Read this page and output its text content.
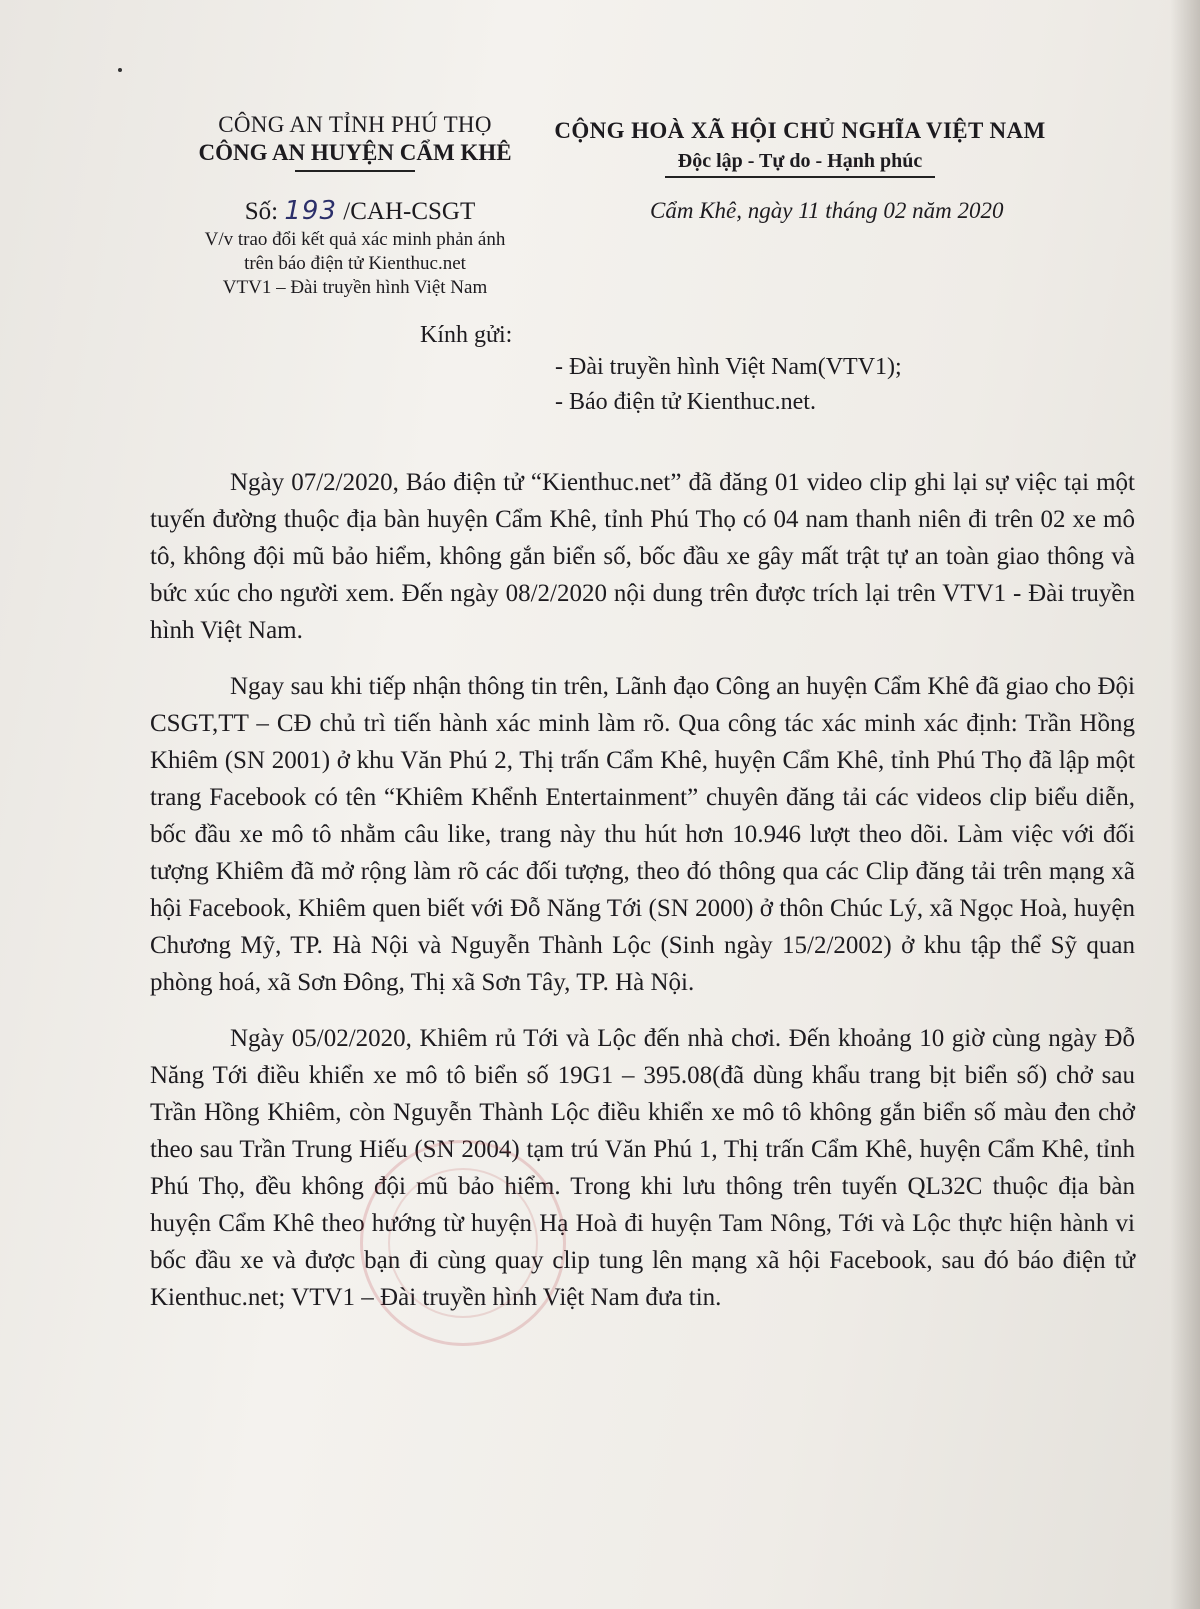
CÔNG AN TỈNH PHÚ THỌ
CÔNG AN HUYỆN CẨM KHÊ
CỘNG HOÀ XÃ HỘI CHỦ NGHĨA VIỆT NAM
Độc lập - Tự do - Hạnh phúc
Số: 193 /CAH-CSGT
V/v trao đổi kết quả xác minh phản ánh
trên báo điện tử Kienthuc.net
VTV1 – Đài truyền hình Việt Nam
Cẩm Khê, ngày 11 tháng 02 năm 2020
Kính gửi:
- Đài truyền hình Việt Nam(VTV1);
- Báo điện tử Kienthuc.net.

Ngày 07/2/2020, Báo điện tử “Kienthuc.net” đã đăng 01 video clip ghi lại sự việc tại một tuyến đường thuộc địa bàn huyện Cẩm Khê, tỉnh Phú Thọ có 04 nam thanh niên đi trên 02 xe mô tô, không đội mũ bảo hiểm, không gắn biển số, bốc đầu xe gây mất trật tự an toàn giao thông và bức xúc cho người xem. Đến ngày 08/2/2020 nội dung trên được trích lại trên VTV1 - Đài truyền hình Việt Nam.

Ngay sau khi tiếp nhận thông tin trên, Lãnh đạo Công an huyện Cẩm Khê đã giao cho Đội CSGT,TT – CĐ chủ trì tiến hành xác minh làm rõ. Qua công tác xác minh xác định: Trần Hồng Khiêm (SN 2001) ở khu Văn Phú 2, Thị trấn Cẩm Khê, huyện Cẩm Khê, tỉnh Phú Thọ đã lập một trang Facebook có tên “Khiêm Khểnh Entertainment” chuyên đăng tải các videos clip biểu diễn, bốc đầu xe mô tô nhằm câu like, trang này thu hút hơn 10.946 lượt theo dõi. Làm việc với đối tượng Khiêm đã mở rộng làm rõ các đối tượng, theo đó thông qua các Clip đăng tải trên mạng xã hội Facebook, Khiêm quen biết với Đỗ Năng Tới (SN 2000) ở thôn Chúc Lý, xã Ngọc Hoà, huyện Chương Mỹ, TP. Hà Nội và Nguyễn Thành Lộc (Sinh ngày 15/2/2002) ở khu tập thể Sỹ quan phòng hoá, xã Sơn Đông, Thị xã Sơn Tây, TP. Hà Nội.

Ngày 05/02/2020, Khiêm rủ Tới và Lộc đến nhà chơi. Đến khoảng 10 giờ cùng ngày Đỗ Năng Tới điều khiển xe mô tô biển số 19G1 – 395.08(đã dùng khẩu trang bịt biển số) chở sau Trần Hồng Khiêm, còn Nguyễn Thành Lộc điều khiển xe mô tô không gắn biển số màu đen chở theo sau Trần Trung Hiếu (SN 2004) tạm trú Văn Phú 1, Thị trấn Cẩm Khê, huyện Cẩm Khê, tỉnh Phú Thọ, đều không đội mũ bảo hiểm. Trong khi lưu thông trên tuyến QL32C thuộc địa bàn huyện Cẩm Khê theo hướng từ huyện Hạ Hoà đi huyện Tam Nông, Tới và Lộc thực hiện hành vi bốc đầu xe và được bạn đi cùng quay clip tung lên mạng xã hội Facebook, sau đó báo điện tử Kienthuc.net; VTV1 – Đài truyền hình Việt Nam đưa tin.
